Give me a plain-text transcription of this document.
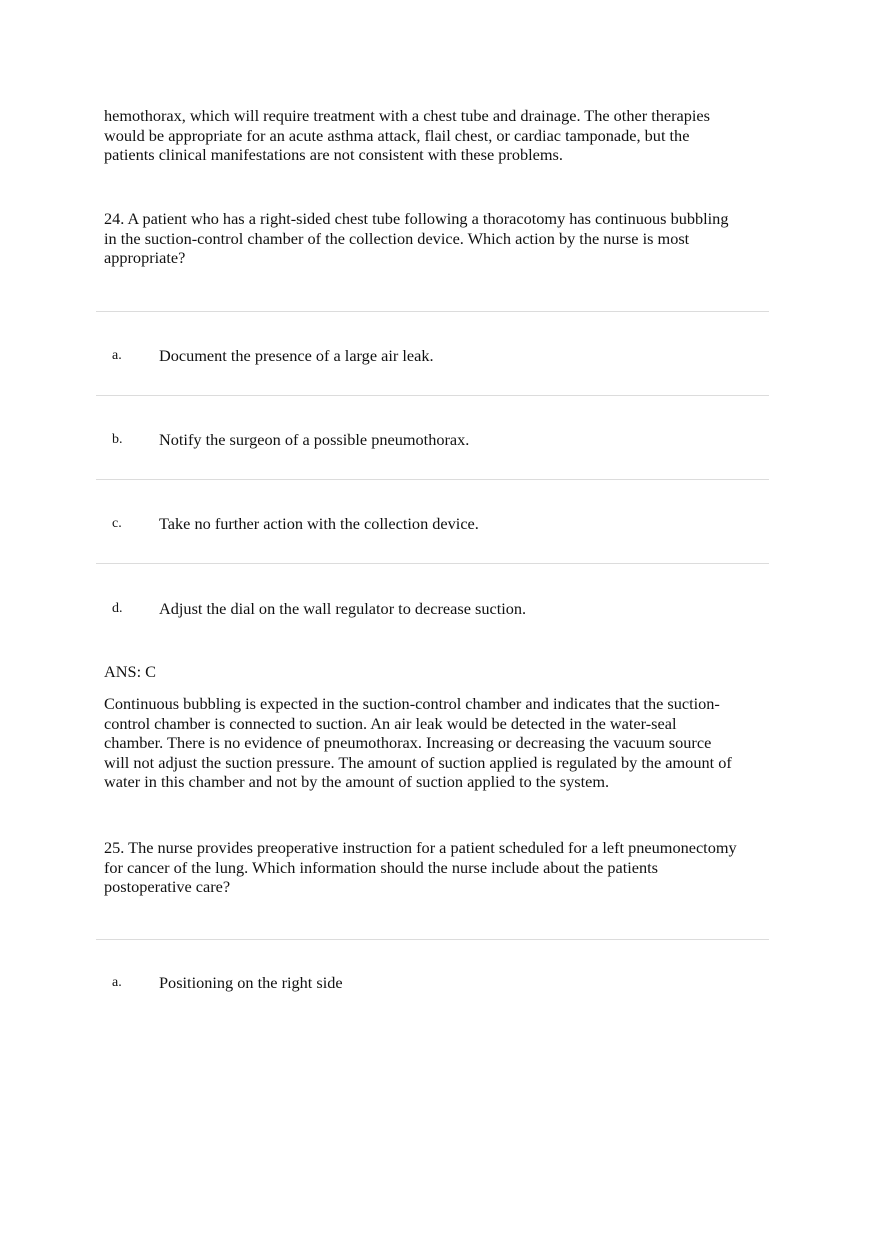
hemothorax, which will require treatment with a chest tube and drainage. The other therapies
would be appropriate for an acute asthma attack, flail chest, or cardiac tamponade, but the
patients clinical manifestations are not consistent with these problems.
24. A patient who has a right-sided chest tube following a thoracotomy has continuous bubbling
in the suction-control chamber of the collection device. Which action by the nurse is most
appropriate?
a. Document the presence of a large air leak.
b. Notify the surgeon of a possible pneumothorax.
c. Take no further action with the collection device.
d. Adjust the dial on the wall regulator to decrease suction.
ANS: C
Continuous bubbling is expected in the suction-control chamber and indicates that the suction-
control chamber is connected to suction. An air leak would be detected in the water-seal
chamber. There is no evidence of pneumothorax. Increasing or decreasing the vacuum source
will not adjust the suction pressure. The amount of suction applied is regulated by the amount of
water in this chamber and not by the amount of suction applied to the system.
25. The nurse provides preoperative instruction for a patient scheduled for a left pneumonectomy
for cancer of the lung. Which information should the nurse include about the patients
postoperative care?
a. Positioning on the right side
